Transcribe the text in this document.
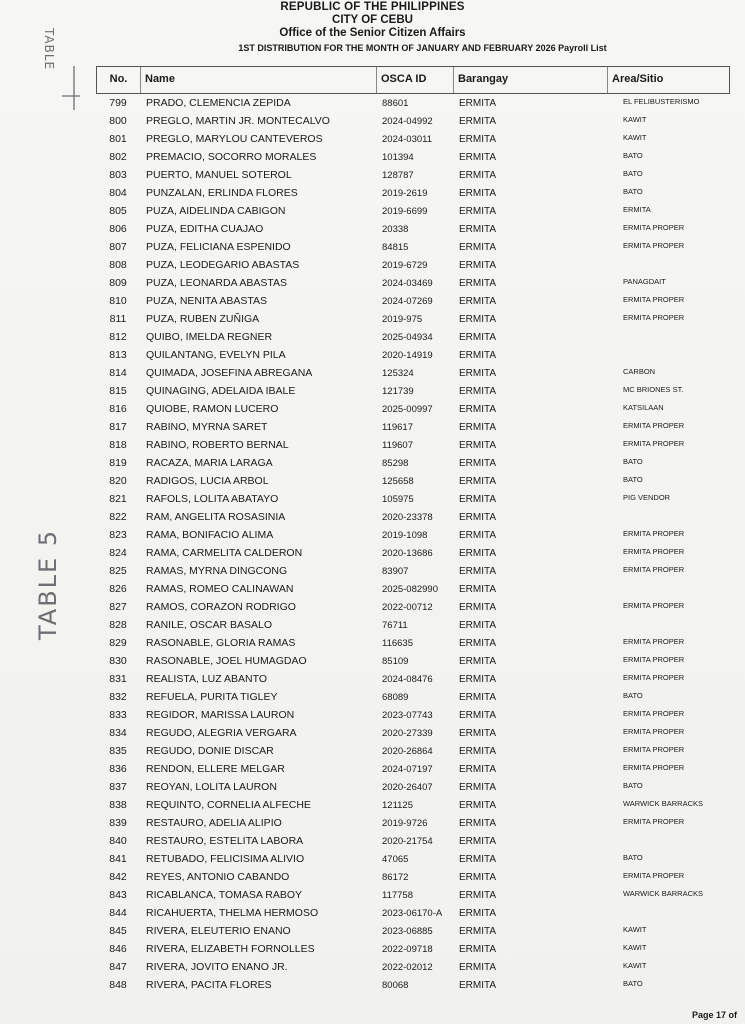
REPUBLIC OF THE PHILIPPINES
CITY OF CEBU
Office of the Senior Citizen Affairs
1ST DISTRIBUTION FOR THE MONTH OF JANUARY AND FEBRUARY 2026 Payroll List
TABLE
TABLE 5
No.	Name	OSCA ID	Barangay	Area/Sitio
799	PRADO, CLEMENCIA ZEPIDA	88601	ERMITA	EL FELIBUSTERISMO
800	PREGLO, MARTIN JR. MONTECALVO	2024-04992	ERMITA	KAWIT
801	PREGLO, MARYLOU CANTEVEROS	2024-03011	ERMITA	KAWIT
802	PREMACIO, SOCORRO MORALES	101394	ERMITA	BATO
803	PUERTO, MANUEL SOTEROL	128787	ERMITA	BATO
804	PUNZALAN, ERLINDA FLORES	2019-2619	ERMITA	BATO
805	PUZA, AIDELINDA CABIGON	2019-6699	ERMITA	ERMITA
806	PUZA, EDITHA CUAJAO	20338	ERMITA	ERMITA PROPER
807	PUZA, FELICIANA ESPENIDO	84815	ERMITA	ERMITA PROPER
808	PUZA, LEODEGARIO ABASTAS	2019-6729	ERMITA
809	PUZA, LEONARDA ABASTAS	2024-03469	ERMITA	PANAGDAIT
810	PUZA, NENITA ABASTAS	2024-07269	ERMITA	ERMITA PROPER
811	PUZA, RUBEN ZUÑIGA	2019-975	ERMITA	ERMITA PROPER
812	QUIBO, IMELDA REGNER	2025-04934	ERMITA
813	QUILANTANG, EVELYN PILA	2020-14919	ERMITA
814	QUIMADA, JOSEFINA ABREGANA	125324	ERMITA	CARBON
815	QUINAGING, ADELAIDA IBALE	121739	ERMITA	MC BRIONES ST.
816	QUIOBE, RAMON LUCERO	2025-00997	ERMITA	KATSILAAN
817	RABINO, MYRNA SARET	119617	ERMITA	ERMITA PROPER
818	RABINO, ROBERTO BERNAL	119607	ERMITA	ERMITA PROPER
819	RACAZA, MARIA LARAGA	85298	ERMITA	BATO
820	RADIGOS, LUCIA ARBOL	125658	ERMITA	BATO
821	RAFOLS, LOLITA ABATAYO	105975	ERMITA	PIG VENDOR
822	RAM, ANGELITA ROSASINIA	2020-23378	ERMITA
823	RAMA, BONIFACIO ALIMA	2019-1098	ERMITA	ERMITA PROPER
824	RAMA, CARMELITA CALDERON	2020-13686	ERMITA	ERMITA PROPER
825	RAMAS, MYRNA DINGCONG	83907	ERMITA	ERMITA PROPER
826	RAMAS, ROMEO CALINAWAN	2025-082990	ERMITA
827	RAMOS, CORAZON RODRIGO	2022-00712	ERMITA	ERMITA PROPER
828	RANILE, OSCAR BASALO	76711	ERMITA
829	RASONABLE, GLORIA RAMAS	116635	ERMITA	ERMITA PROPER
830	RASONABLE, JOEL HUMAGDAO	85109	ERMITA	ERMITA PROPER
831	REALISTA, LUZ ABANTO	2024-08476	ERMITA	ERMITA PROPER
832	REFUELA, PURITA TIGLEY	68089	ERMITA	BATO
833	REGIDOR, MARISSA LAURON	2023-07743	ERMITA	ERMITA PROPER
834	REGUDO, ALEGRIA VERGARA	2020-27339	ERMITA	ERMITA PROPER
835	REGUDO, DONIE DISCAR	2020-26864	ERMITA	ERMITA PROPER
836	RENDON, ELLERE MELGAR	2024-07197	ERMITA	ERMITA PROPER
837	REOYAN, LOLITA LAURON	2020-26407	ERMITA	BATO
838	REQUINTO, CORNELIA ALFECHE	121125	ERMITA	WARWICK BARRACKS
839	RESTAURO, ADELIA ALIPIO	2019-9726	ERMITA	ERMITA PROPER
840	RESTAURO, ESTELITA LABORA	2020-21754	ERMITA
841	RETUBADO, FELICISIMA ALIVIO	47065	ERMITA	BATO
842	REYES, ANTONIO CABANDO	86172	ERMITA	ERMITA PROPER
843	RICABLANCA, TOMASA RABOY	117758	ERMITA	WARWICK BARRACKS
844	RICAHUERTA, THELMA HERMOSO	2023-06170-A	ERMITA
845	RIVERA, ELEUTERIO ENANO	2023-06885	ERMITA	KAWIT
846	RIVERA, ELIZABETH FORNOLLES	2022-09718	ERMITA	KAWIT
847	RIVERA, JOVITO ENANO JR.	2022-02012	ERMITA	KAWIT
848	RIVERA, PACITA FLORES	80068	ERMITA	BATO
Page 17 of
